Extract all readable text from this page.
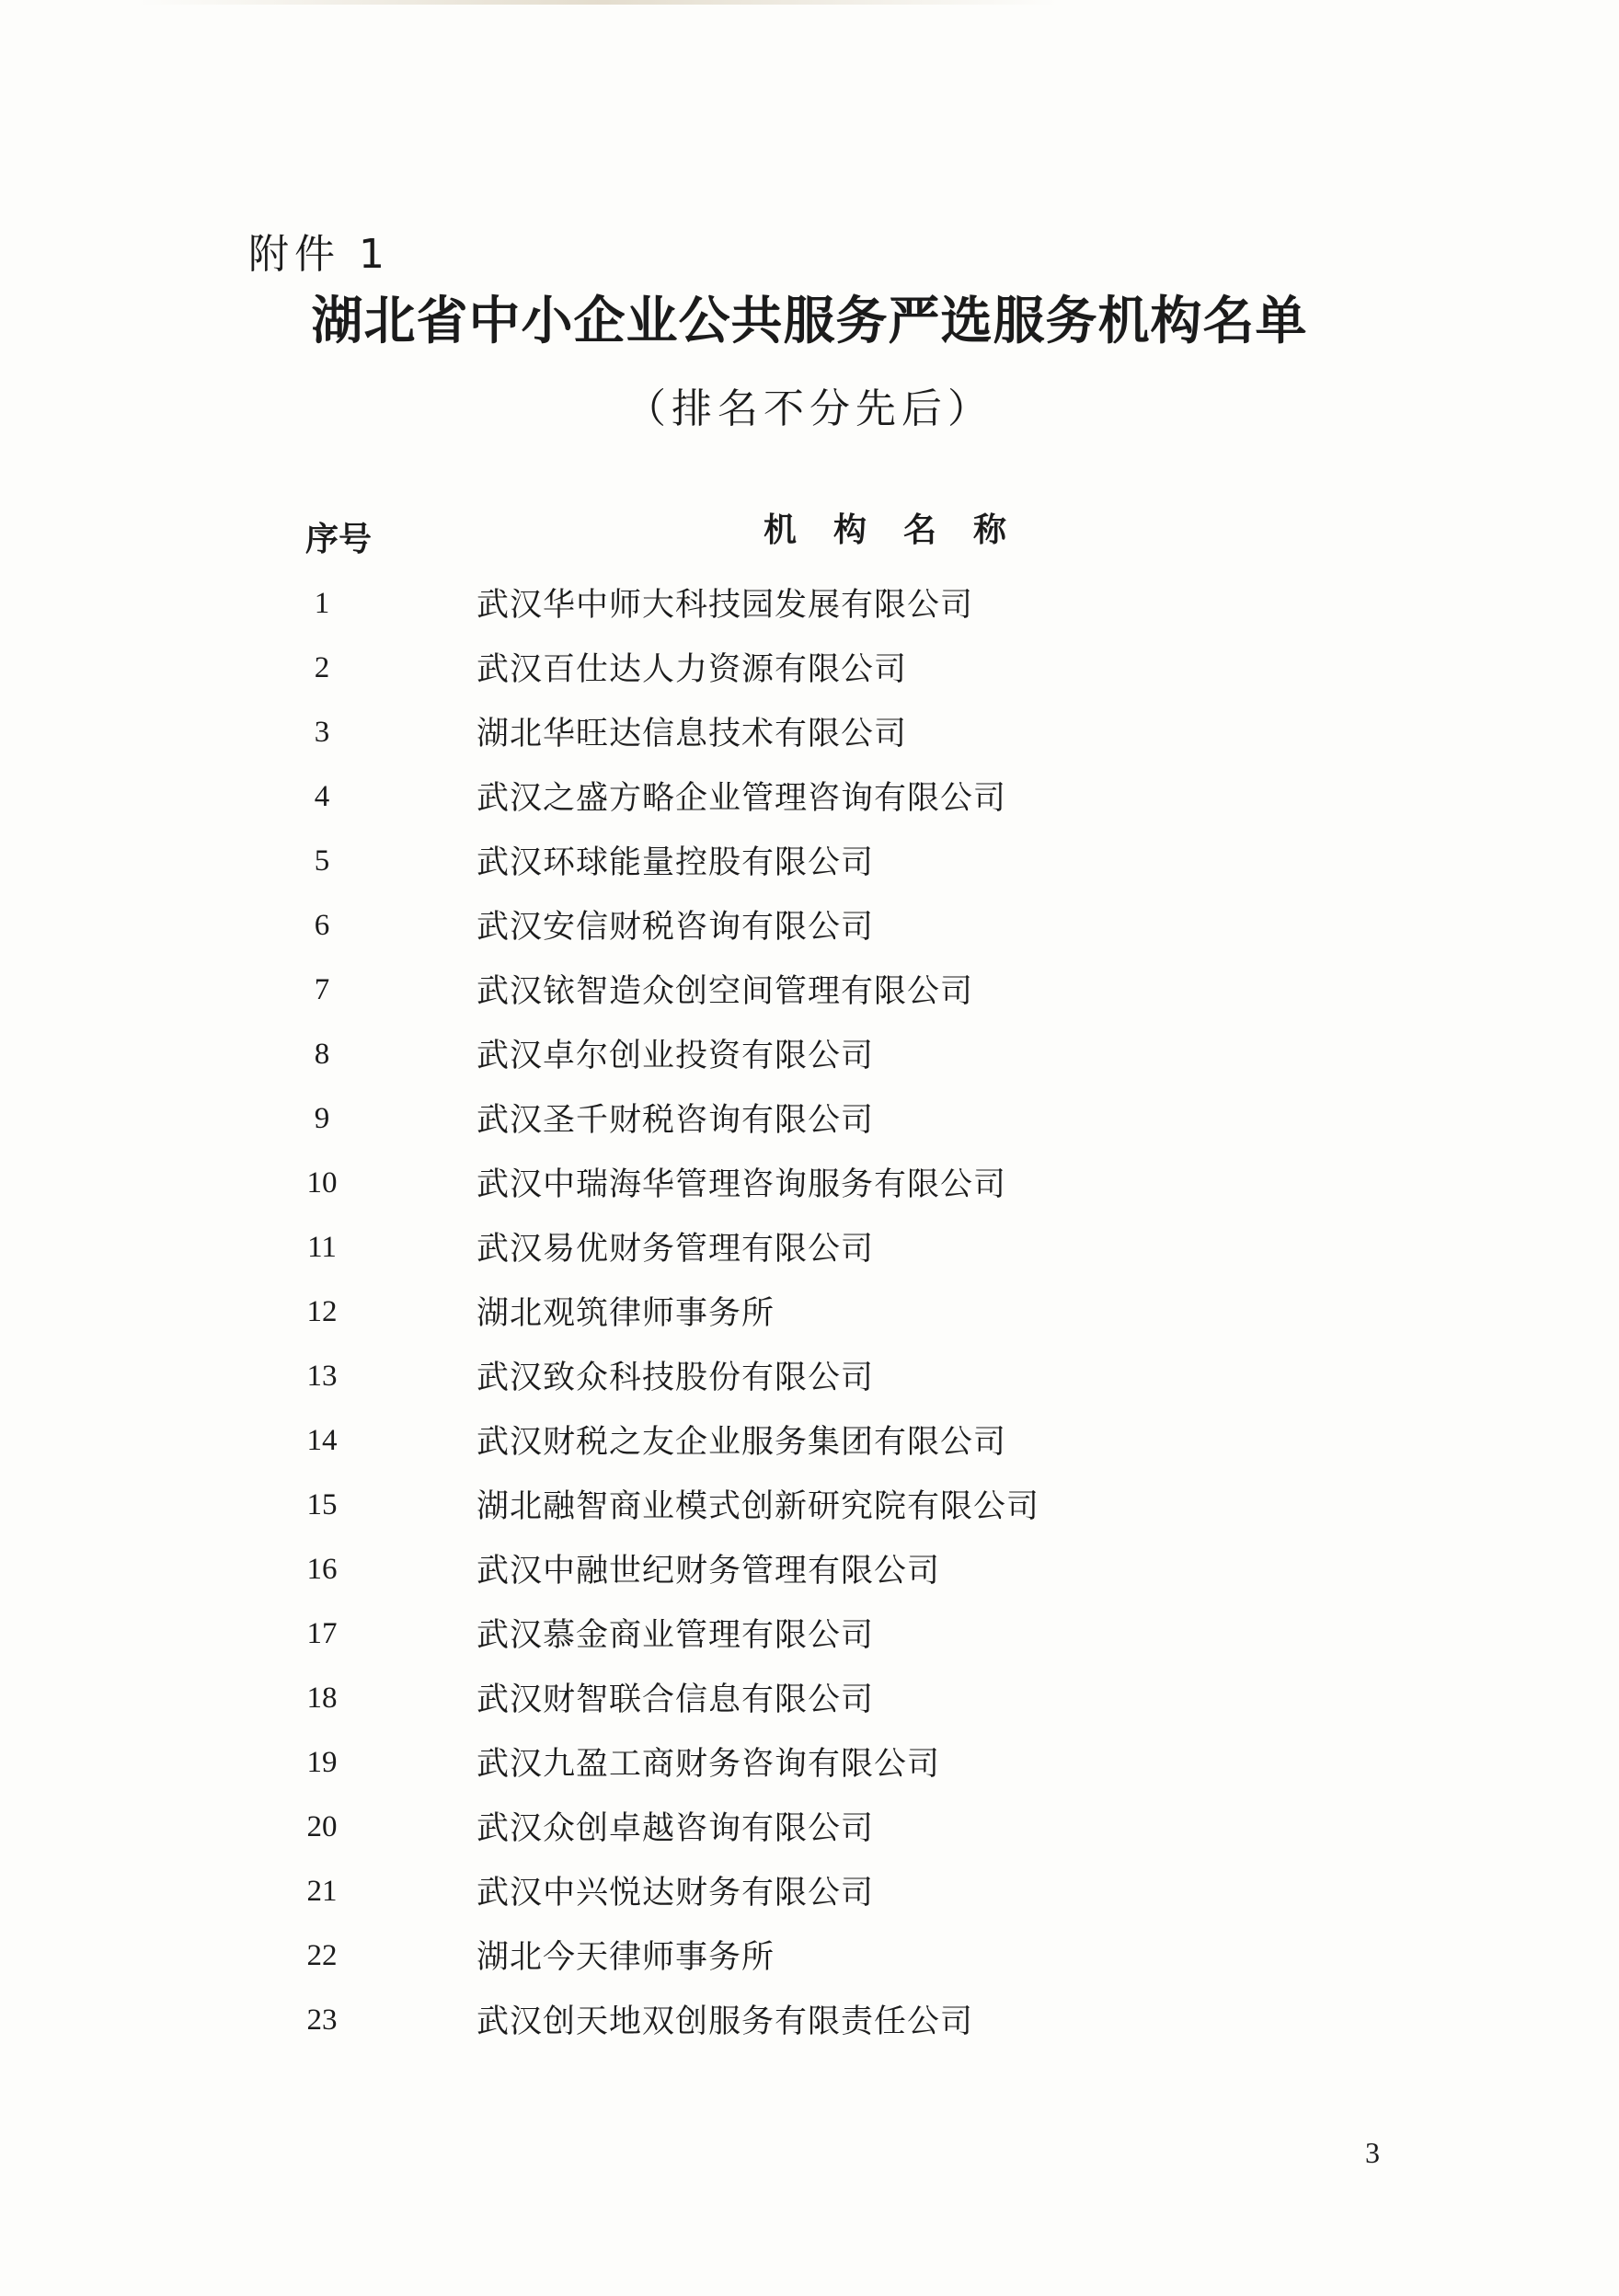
附件 1
湖北省中小企业公共服务严选服务机构名单
（排名不分先后）
序号	机构名称
1	武汉华中师大科技园发展有限公司
2	武汉百仕达人力资源有限公司
3	湖北华旺达信息技术有限公司
4	武汉之盛方略企业管理咨询有限公司
5	武汉环球能量控股有限公司
6	武汉安信财税咨询有限公司
7	武汉铱智造众创空间管理有限公司
8	武汉卓尔创业投资有限公司
9	武汉圣千财税咨询有限公司
10	武汉中瑞海华管理咨询服务有限公司
11	武汉易优财务管理有限公司
12	湖北观筑律师事务所
13	武汉致众科技股份有限公司
14	武汉财税之友企业服务集团有限公司
15	湖北融智商业模式创新研究院有限公司
16	武汉中融世纪财务管理有限公司
17	武汉慕金商业管理有限公司
18	武汉财智联合信息有限公司
19	武汉九盈工商财务咨询有限公司
20	武汉众创卓越咨询有限公司
21	武汉中兴悦达财务有限公司
22	湖北今天律师事务所
23	武汉创天地双创服务有限责任公司
3
